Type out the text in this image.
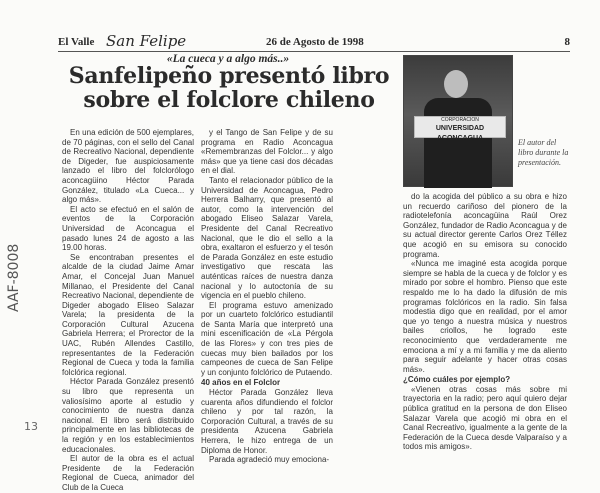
El Valle San Felipe	26 de Agosto de 1998	8
«La cueca y a algo más..»
Sanfelipeño presentó libro sobre el folclore chileno

En una edición de 500 ejemplares, de 70 páginas, con el sello del Canal de Recreativo Nacional, dependiente de Digeder, fue auspiciosamente lanzado el libro del folclorólogo aconcagüino Héctor Parada González, titulado «La Cueca... y algo más».

El acto se efectuó en el salón de eventos de la Corporación Universidad de Aconcagua el pasado lunes 24 de agosto a las 19.00 horas.

Se encontraban presentes el alcalde de la ciudad Jaime Amar Amar, el Concejal Juan Manuel Millanao, el Presidente del Canal Recreativo Nacional, dependiente de Digeder abogado Eliseo Salazar Varela; la presidenta de la Corporación Cultural Azucena Gabriela Herrera; el Prorector de la UAC, Rubén Allendes Castillo, representantes de la Federación Regional de Cueca y toda la familia folclórica regional.

Héctor Parada González presentó su libro que representa un valiosísimo aporte al estudio y conocimiento de nuestra danza nacional. El libro será distribuido principalmente en las bibliotecas de la región y en los establecimientos educacionales.

El autor de la obra es el actual Presidente de la Federación Regional de Cueca, animador del Club de la Cueca

y el Tango de San Felipe y de su programa en Radio Aconcagua «Remembranzas del Folclor... y algo más» que ya tiene casi dos décadas en el dial.

Tanto el relacionador público de la Universidad de Aconcagua, Pedro Herrera Balharry, que presentó al autor, como la intervención del abogado Eliseo Salazar Varela, Presidente del Canal Recreativo Nacional, que le dio el sello a la obra, exaltaron el esfuerzo y el tesón de Parada González en este estudio investigativo que rescata las auténticas raíces de nuestra danza nacional y lo autoctonía de su vigencia en el pueblo chileno.

El programa estuvo amenizado por un cuarteto folclórico estudiantil de Santa María que interpretó una mini escenificación de «La Pérgola de las Flores» y con tres pies de cuecas muy bien bailados por los campeones de cueca de San Felipe y un conjunto folclórico de Putaendo.

40 años en el Folclor

Héctor Parada González lleva cuarenta años difundiendo el folclor chileno y por tal razón, la Corporación Cultural, a través de su presidenta Azucena Gabriela Herrera, le hizo entrega de un Diploma de Honor.

Parada agradeció muy emociona-

CORPORACION
UNIVERSIDAD ACONCAGUA	El autor del libro durante la presentación.

do la acogida del público a su obra e hizo un recuerdo cariñoso del pionero de la radiotelefonía aconcagüina Raúl Orez González, fundador de Radio Aconcagua y de su actual director gerente Carlos Orez Téllez que acogió en su emisora su conocido programa.

«Nunca me imaginé esta acogida porque siempre se habla de la cueca y de folclor y es mirado por sobre el hombro. Pienso que este respaldo me lo ha dado la difusión de mis programas folclóricos en la radio. Sin falsa modestia digo que en realidad, por el amor que yo tengo a nuestra música y nuestros bailes criollos, he logrado este reconocimiento que verdaderamente me emociona a mí y a mi familia y me da aliento para seguir adelante y hacer otras cosas más».

¿Cómo cuáles por ejemplo?

«Vienen otras cosas más sobre mi trayectoria en la radio; pero aquí quiero dejar pública gratitud en la persona de don Eliseo Salazar Varela que acogió mi obra en el Canal Recreativo, igualmente a la gente de la Federación de la Cueca desde Valparaíso y a todos mis amigos».

AAF-8008
13
